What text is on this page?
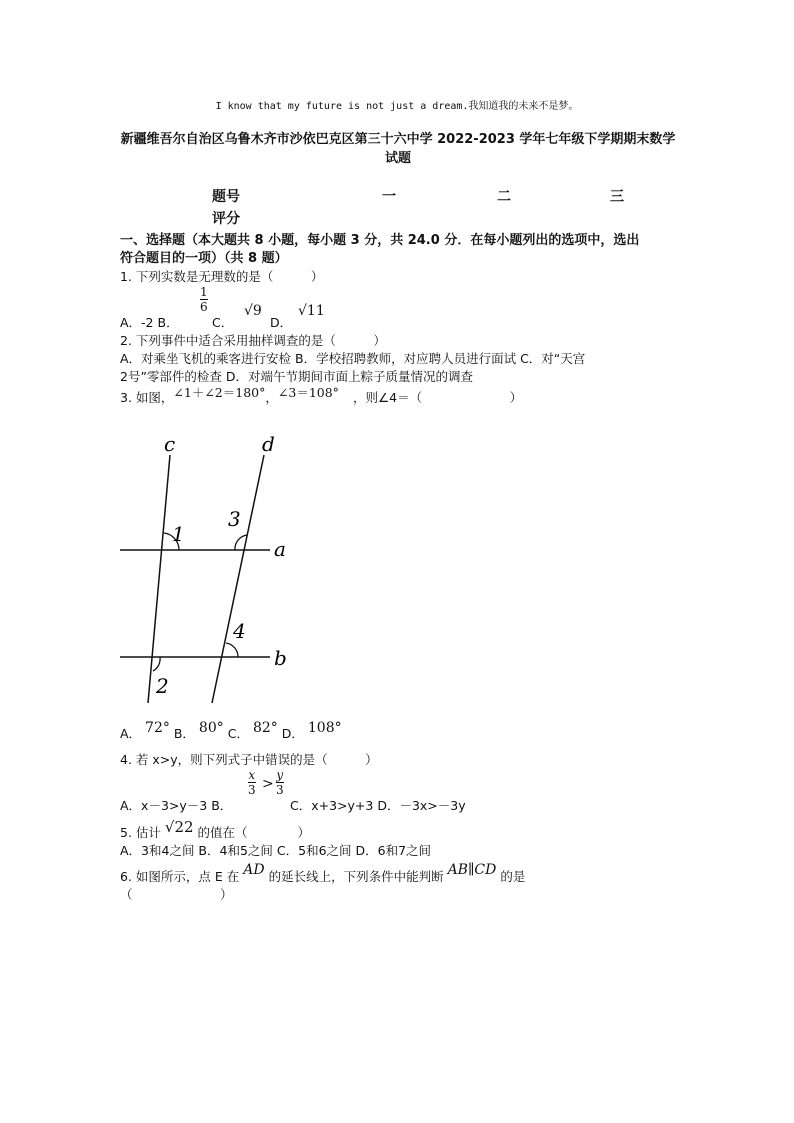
I know that my future is not just a dream.我知道我的未来不是梦。
新疆维吾尔自治区乌鲁木齐市沙依巴克区第三十六中学 2022-2023 学年七年级下学期期末数学试题
题号	一	二	三
评分
一、选择题（本大题共 8 小题，每小题 3 分，共 24.0 分．在每小题列出的选项中，选出
符合题目的一项）（共 8 题）
1. 下列实数是无理数的是（　　　）
A．-2 B．
1
6
C．
√9
D．
√11
2. 下列事件中适合采用抽样调查的是（　　　）
A．对乘坐飞机的乘客进行安检 B．学校招聘教师，对应聘人员进行面试 C．对“天宫
2号”零部件的检查 D．对端午节期间市面上粽子质量情况的调查
3. 如图，∠1＋∠2＝180°，∠3＝108° ，则∠4＝（　　　　　　　）
c	d
a
b
1
2
3
4
A． 72° B． 80° C． 82° D． 108°
4. 若 x>y，则下列式子中错误的是（　　　）
A．x－3>y－3 B．
x
3 >
y
3
C．x+3>y+3 D．－3x>－3y
5. 估计 √22 的值在（　　　　）
A．3和4之间 B．4和5之间 C．5和6之间 D．6和7之间
6. 如图所示，点 E 在 AD 的延长线上，下列条件中能判断 AB∥CD 的是
（　　　　　　　）
